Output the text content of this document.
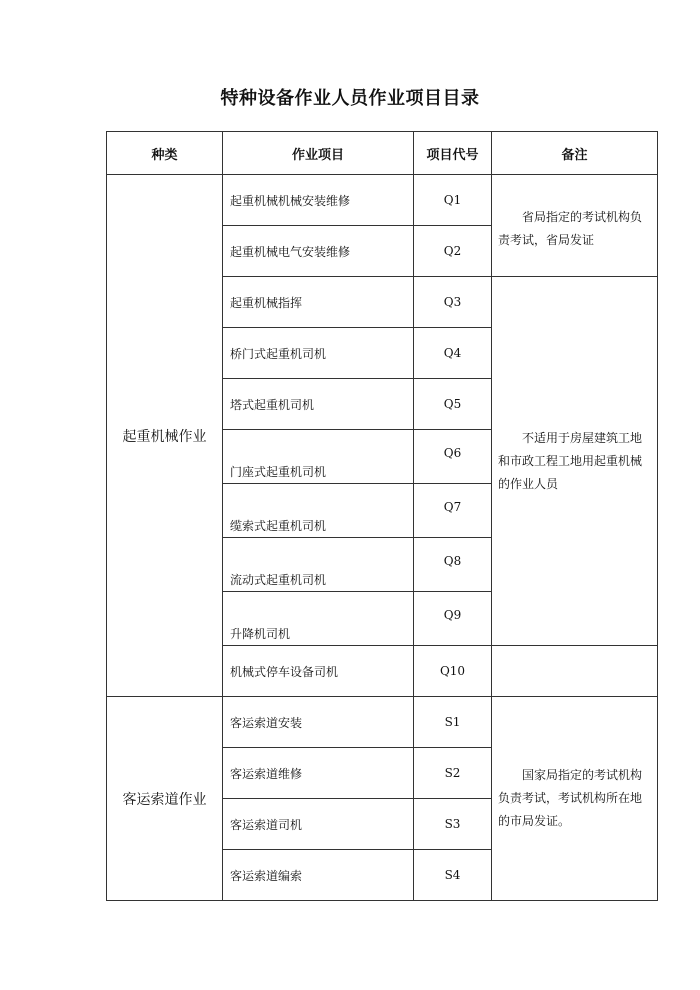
特种设备作业人员作业项目目录
种类	作业项目	项目代号	备注
起重机械作业	起重机械机械安装维修	Q1	省局指定的考试机构负责考试，省局发证
	起重机械电气安装维修	Q2	
	起重机械指挥	Q3	不适用于房屋建筑工地和市政工程工地用起重机械的作业人员
	桥门式起重机司机	Q4	
	塔式起重机司机	Q5	
	门座式起重机司机	Q6	
	缆索式起重机司机	Q7	
	流动式起重机司机	Q8	
	升降机司机	Q9	
	机械式停车设备司机	Q10	
客运索道作业	客运索道安装	S1	国家局指定的考试机构负责考试，考试机构所在地的市局发证。
	客运索道维修	S2	
	客运索道司机	S3	
	客运索道编索	S4	
